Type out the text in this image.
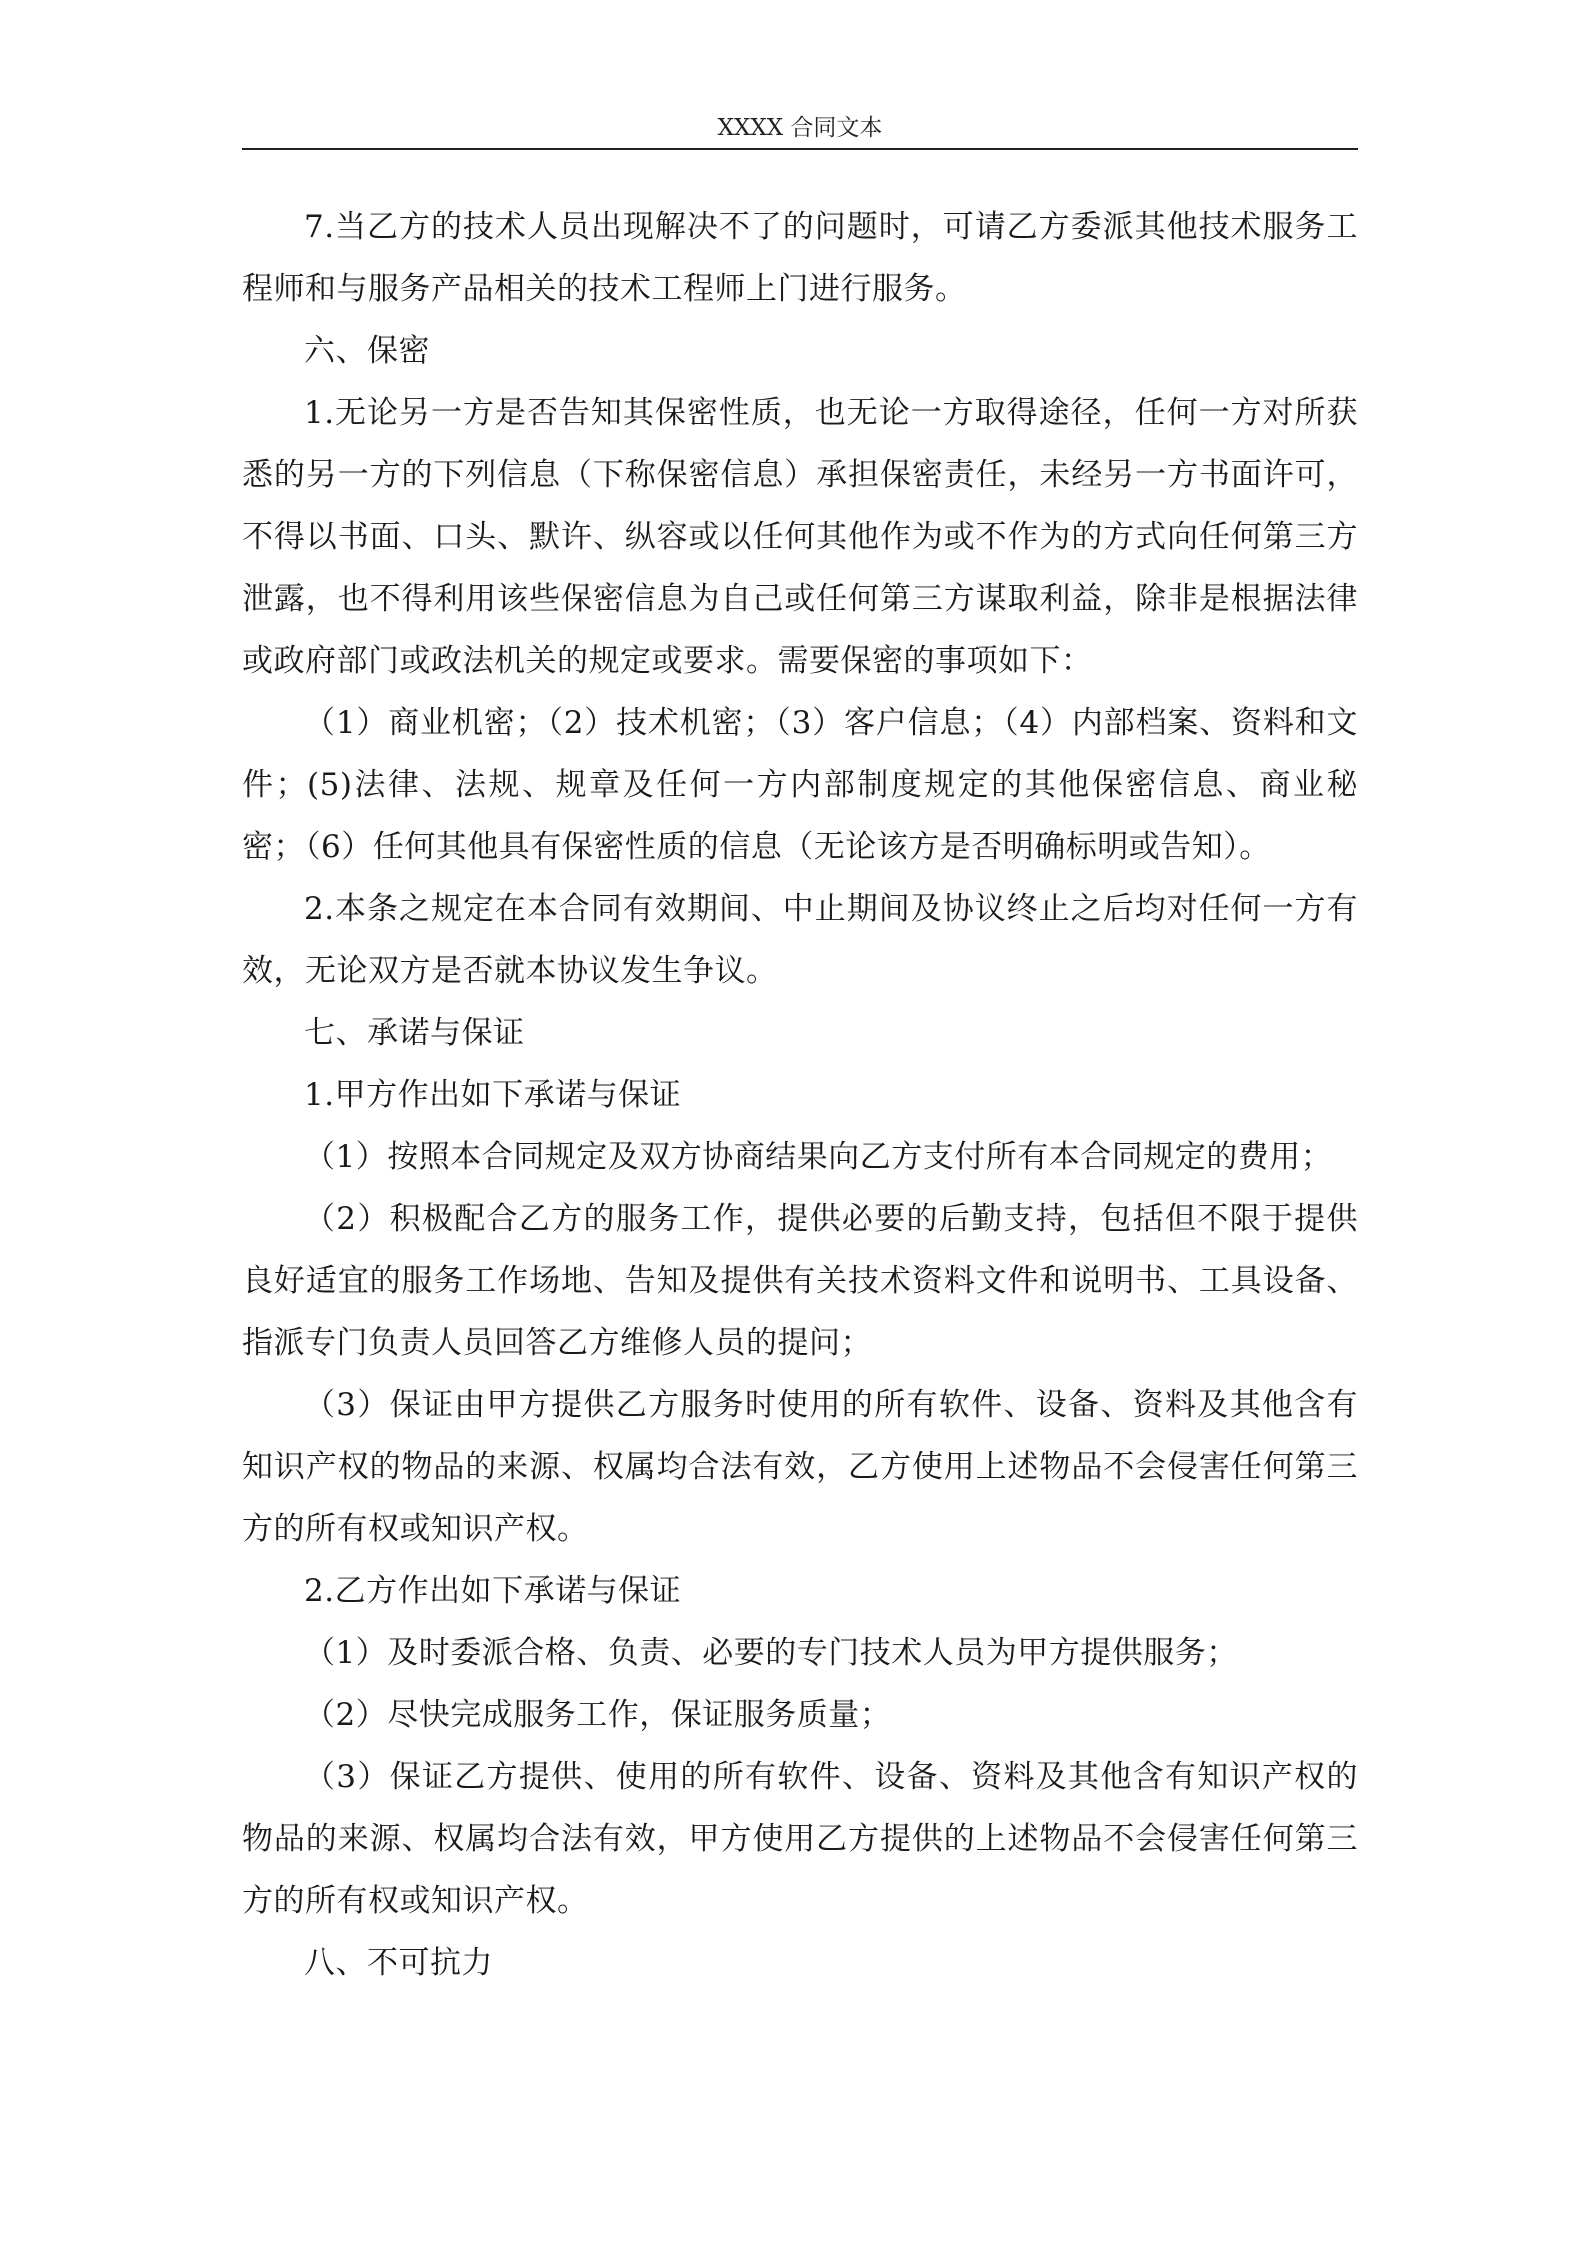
XXXX 合同文本

7.当乙方的技术人员出现解决不了的问题时，可请乙方委派其他技术服务工程师和与服务产品相关的技术工程师上门进行服务。

六、保密

1.无论另一方是否告知其保密性质，也无论一方取得途径，任何一方对所获悉的另一方的下列信息（下称保密信息）承担保密责任，未经另一方书面许可，不得以书面、口头、默许、纵容或以任何其他作为或不作为的方式向任何第三方泄露，也不得利用该些保密信息为自己或任何第三方谋取利益，除非是根据法律或政府部门或政法机关的规定或要求。需要保密的事项如下：

（1）商业机密；（2）技术机密；（3）客户信息；（4）内部档案、资料和文件；(5)法律、法规、规章及任何一方内部制度规定的其他保密信息、商业秘密；（6）任何其他具有保密性质的信息（无论该方是否明确标明或告知）。

2.本条之规定在本合同有效期间、中止期间及协议终止之后均对任何一方有效，无论双方是否就本协议发生争议。

七、承诺与保证

1.甲方作出如下承诺与保证

（1）按照本合同规定及双方协商结果向乙方支付所有本合同规定的费用；

（2）积极配合乙方的服务工作，提供必要的后勤支持，包括但不限于提供良好适宜的服务工作场地、告知及提供有关技术资料文件和说明书、工具设备、指派专门负责人员回答乙方维修人员的提问；

（3）保证由甲方提供乙方服务时使用的所有软件、设备、资料及其他含有知识产权的物品的来源、权属均合法有效，乙方使用上述物品不会侵害任何第三方的所有权或知识产权。

2.乙方作出如下承诺与保证

（1）及时委派合格、负责、必要的专门技术人员为甲方提供服务；

（2）尽快完成服务工作，保证服务质量；

（3）保证乙方提供、使用的所有软件、设备、资料及其他含有知识产权的物品的来源、权属均合法有效，甲方使用乙方提供的上述物品不会侵害任何第三方的所有权或知识产权。

八、不可抗力
